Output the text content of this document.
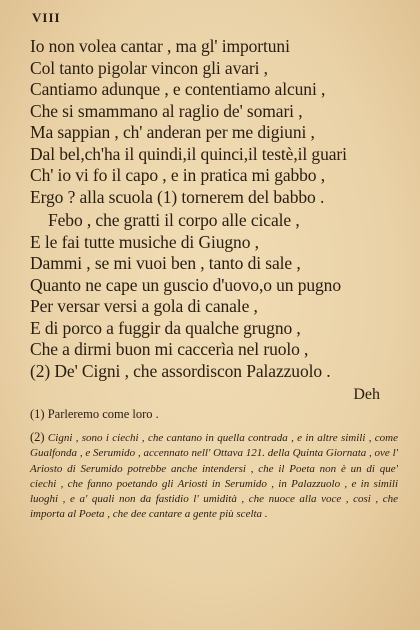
VIII
Io non volea cantar , ma gl' importuni
Col tanto pigolar vincon gli avari ,
Cantiamo adunque , e contentiamo alcuni ,
Che si smammano al raglio de' somari ,
Ma sappian , ch' anderan per me digiuni ,
Dal bel,ch'ha il quindi,il quinci,il testè,il guari
Ch' io vi fo il capo , e in pratica mi gabbo ,
Ergo ? alla scuola (1) tornerem del babbo .
Febo , che gratti il corpo alle cicale ,
E le fai tutte musiche di Giugno ,
Dammi , se mi vuoi ben , tanto di sale ,
Quanto ne cape un guscio d'uovo,o un pugno
Per versar versi a gola di canale ,
E di porco a fuggir da qualche grugno ,
Che a dirmi buon mi caccerìa nel ruolo ,
(2) De' Cigni , che assordiscon Palazzuolo .
Deh
(1) Parleremo come loro .
(2) Cigni , sono i ciechi , che cantano in quella contrada , e in altre simili , come Gualfonda , e Serumido , accennato nell' Ottava 121. della Quinta Giornata , ove l' Ariosto di Serumido potrebbe anche intendersi , che il Poeta non è un di que' ciechi , che fanno poetando gli Ariosti in Serumido , in Palazzuolo , e in simili luoghi , e a' quali non da fastidio l' umidità , che nuoce alla voce , cosi , che importa al Poeta , che dee cantare a gente più scelta .
